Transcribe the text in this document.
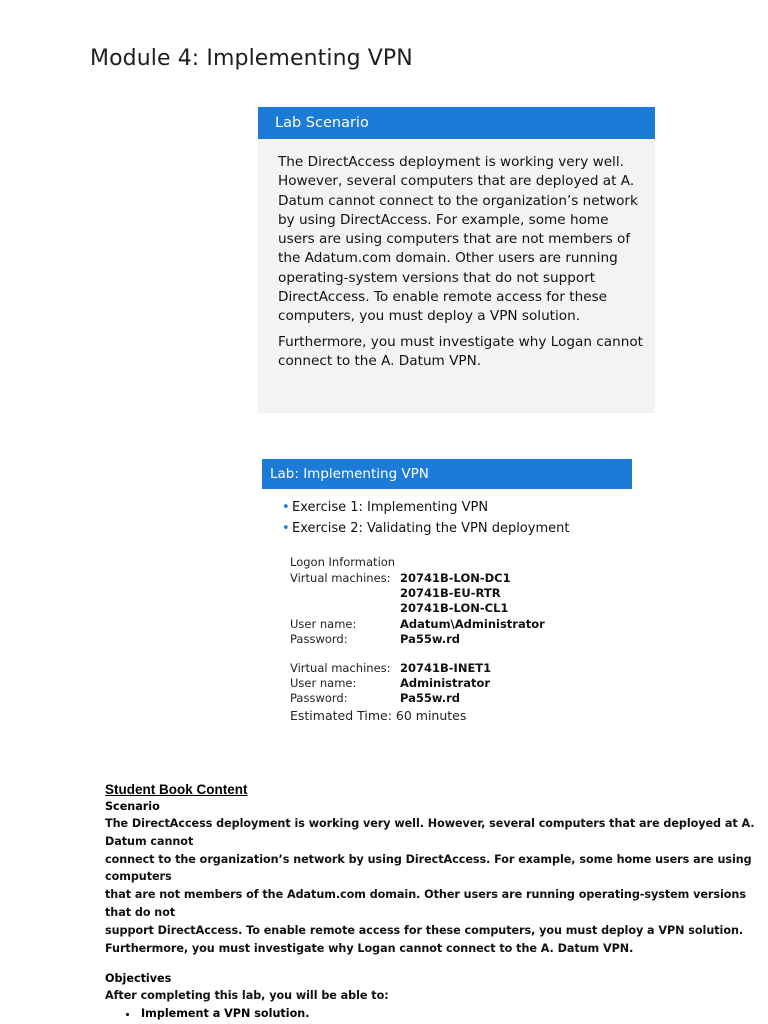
Module 4: Implementing VPN
Lab Scenario

The DirectAccess deployment is working very well. However, several computers that are deployed at A. Datum cannot connect to the organization’s network by using DirectAccess. For example, some home users are using computers that are not members of the Adatum.com domain. Other users are running operating-system versions that do not support DirectAccess. To enable remote access for these computers, you must deploy a VPN solution.

Furthermore, you must investigate why Logan cannot connect to the A. Datum VPN.

Lab: Implementing VPN
• Exercise 1: Implementing VPN
• Exercise 2: Validating the VPN deployment
Logon Information
Virtual machines: 20741B-LON-DC1
20741B-EU-RTR
20741B-LON-CL1
User name:	Adatum\Administrator
Password:	Pa55w.rd
Virtual machines: 20741B-INET1
User name:	Administrator
Password:	Pa55w.rd
Estimated Time: 60 minutes
Student Book Content

Scenario

The DirectAccess deployment is working very well. However, several computers that are deployed at A. Datum cannot

connect to the organization’s network by using DirectAccess. For example, some home users are using computers

that are not members of the Adatum.com domain. Other users are running operating-system versions that do not

support DirectAccess. To enable remote access for these computers, you must deploy a VPN solution.

Furthermore, you must investigate why Logan cannot connect to the A. Datum VPN.

Objectives

After completing this lab, you will be able to:

• Implement a VPN solution.
